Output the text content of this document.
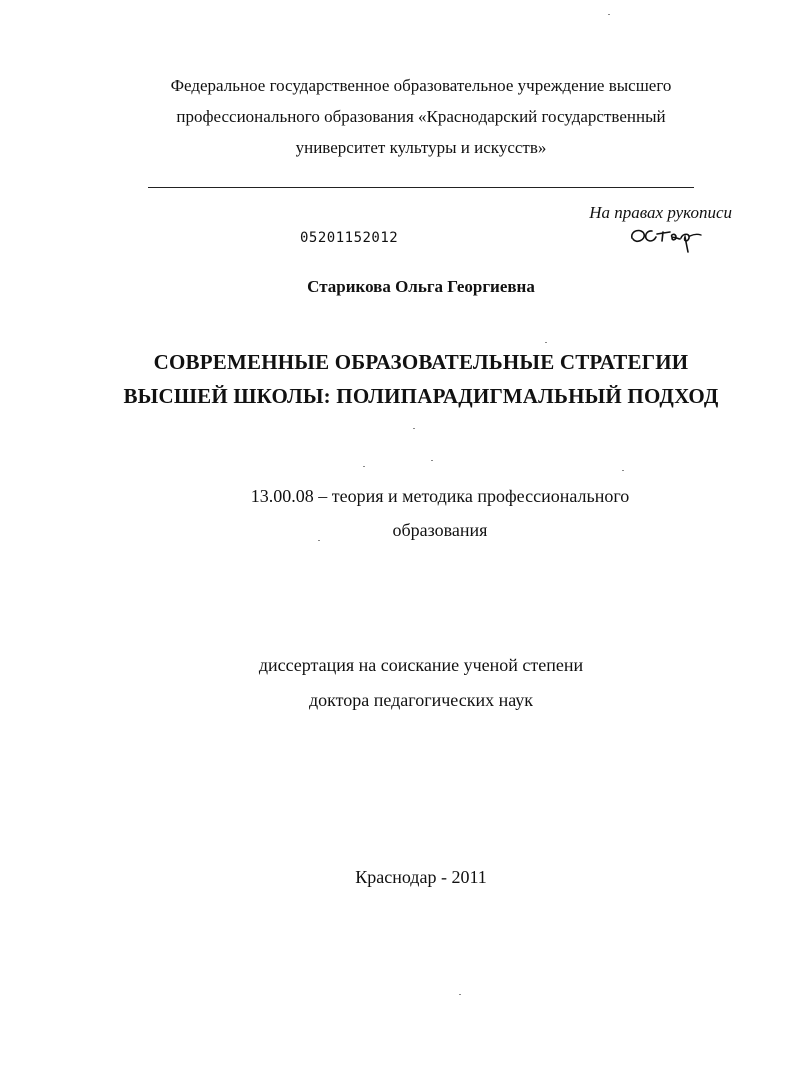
Федеральное государственное образовательное учреждение высшего
профессионального образования «Краснодарский государственный
университет культуры и искусств»
На правах рукописи
05201152012
Старикова Ольга Георгиевна
СОВРЕМЕННЫЕ ОБРАЗОВАТЕЛЬНЫЕ СТРАТЕГИИ
ВЫСШЕЙ ШКОЛЫ: ПОЛИПАРАДИГМАЛЬНЫЙ ПОДХОД
13.00.08 – теория и методика профессионального
образования
диссертация на соискание ученой степени
доктора педагогических наук
Краснодар - 2011
